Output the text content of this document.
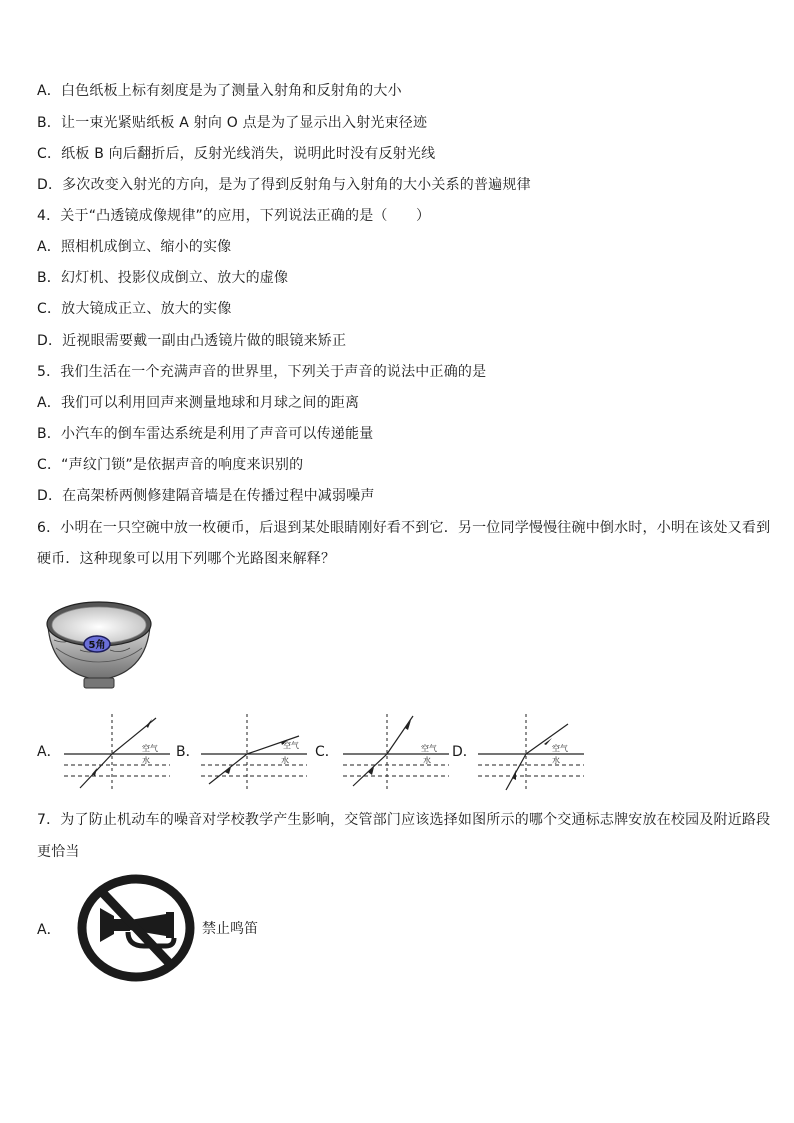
A．白色纸板上标有刻度是为了测量入射角和反射角的大小
B．让一束光紧贴纸板 A 射向 O 点是为了显示出入射光束径迹
C．纸板 B 向后翻折后，反射光线消失，说明此时没有反射光线
D．多次改变入射光的方向，是为了得到反射角与入射角的大小关系的普遍规律
4．关于“凸透镜成像规律”的应用，下列说法正确的是（　　）
A．照相机成倒立、缩小的实像
B．幻灯机、投影仪成倒立、放大的虚像
C．放大镜成正立、放大的实像
D．近视眼需要戴一副由凸透镜片做的眼镜来矫正
5．我们生活在一个充满声音的世界里，下列关于声音的说法中正确的是
A．我们可以利用回声来测量地球和月球之间的距离
B．小汽车的倒车雷达系统是利用了声音可以传递能量
C．“声纹门锁”是依据声音的响度来识别的
D．在高架桥两侧修建隔音墙是在传播过程中减弱噪声
6．小明在一只空碗中放一枚硬币，后退到某处眼睛刚好看不到它．另一位同学慢慢往碗中倒水时，小明在该处又看到
硬币．这种现象可以用下列哪个光路图来解释？
5角
A．	空气
水
B．	空气
水
C．	空气
水
D．	空气
水
7．为了防止机动车的噪音对学校教学产生影响，交管部门应该选择如图所示的哪个交通标志牌安放在校园及附近路段
更恰当
A．	禁止鸣笛
